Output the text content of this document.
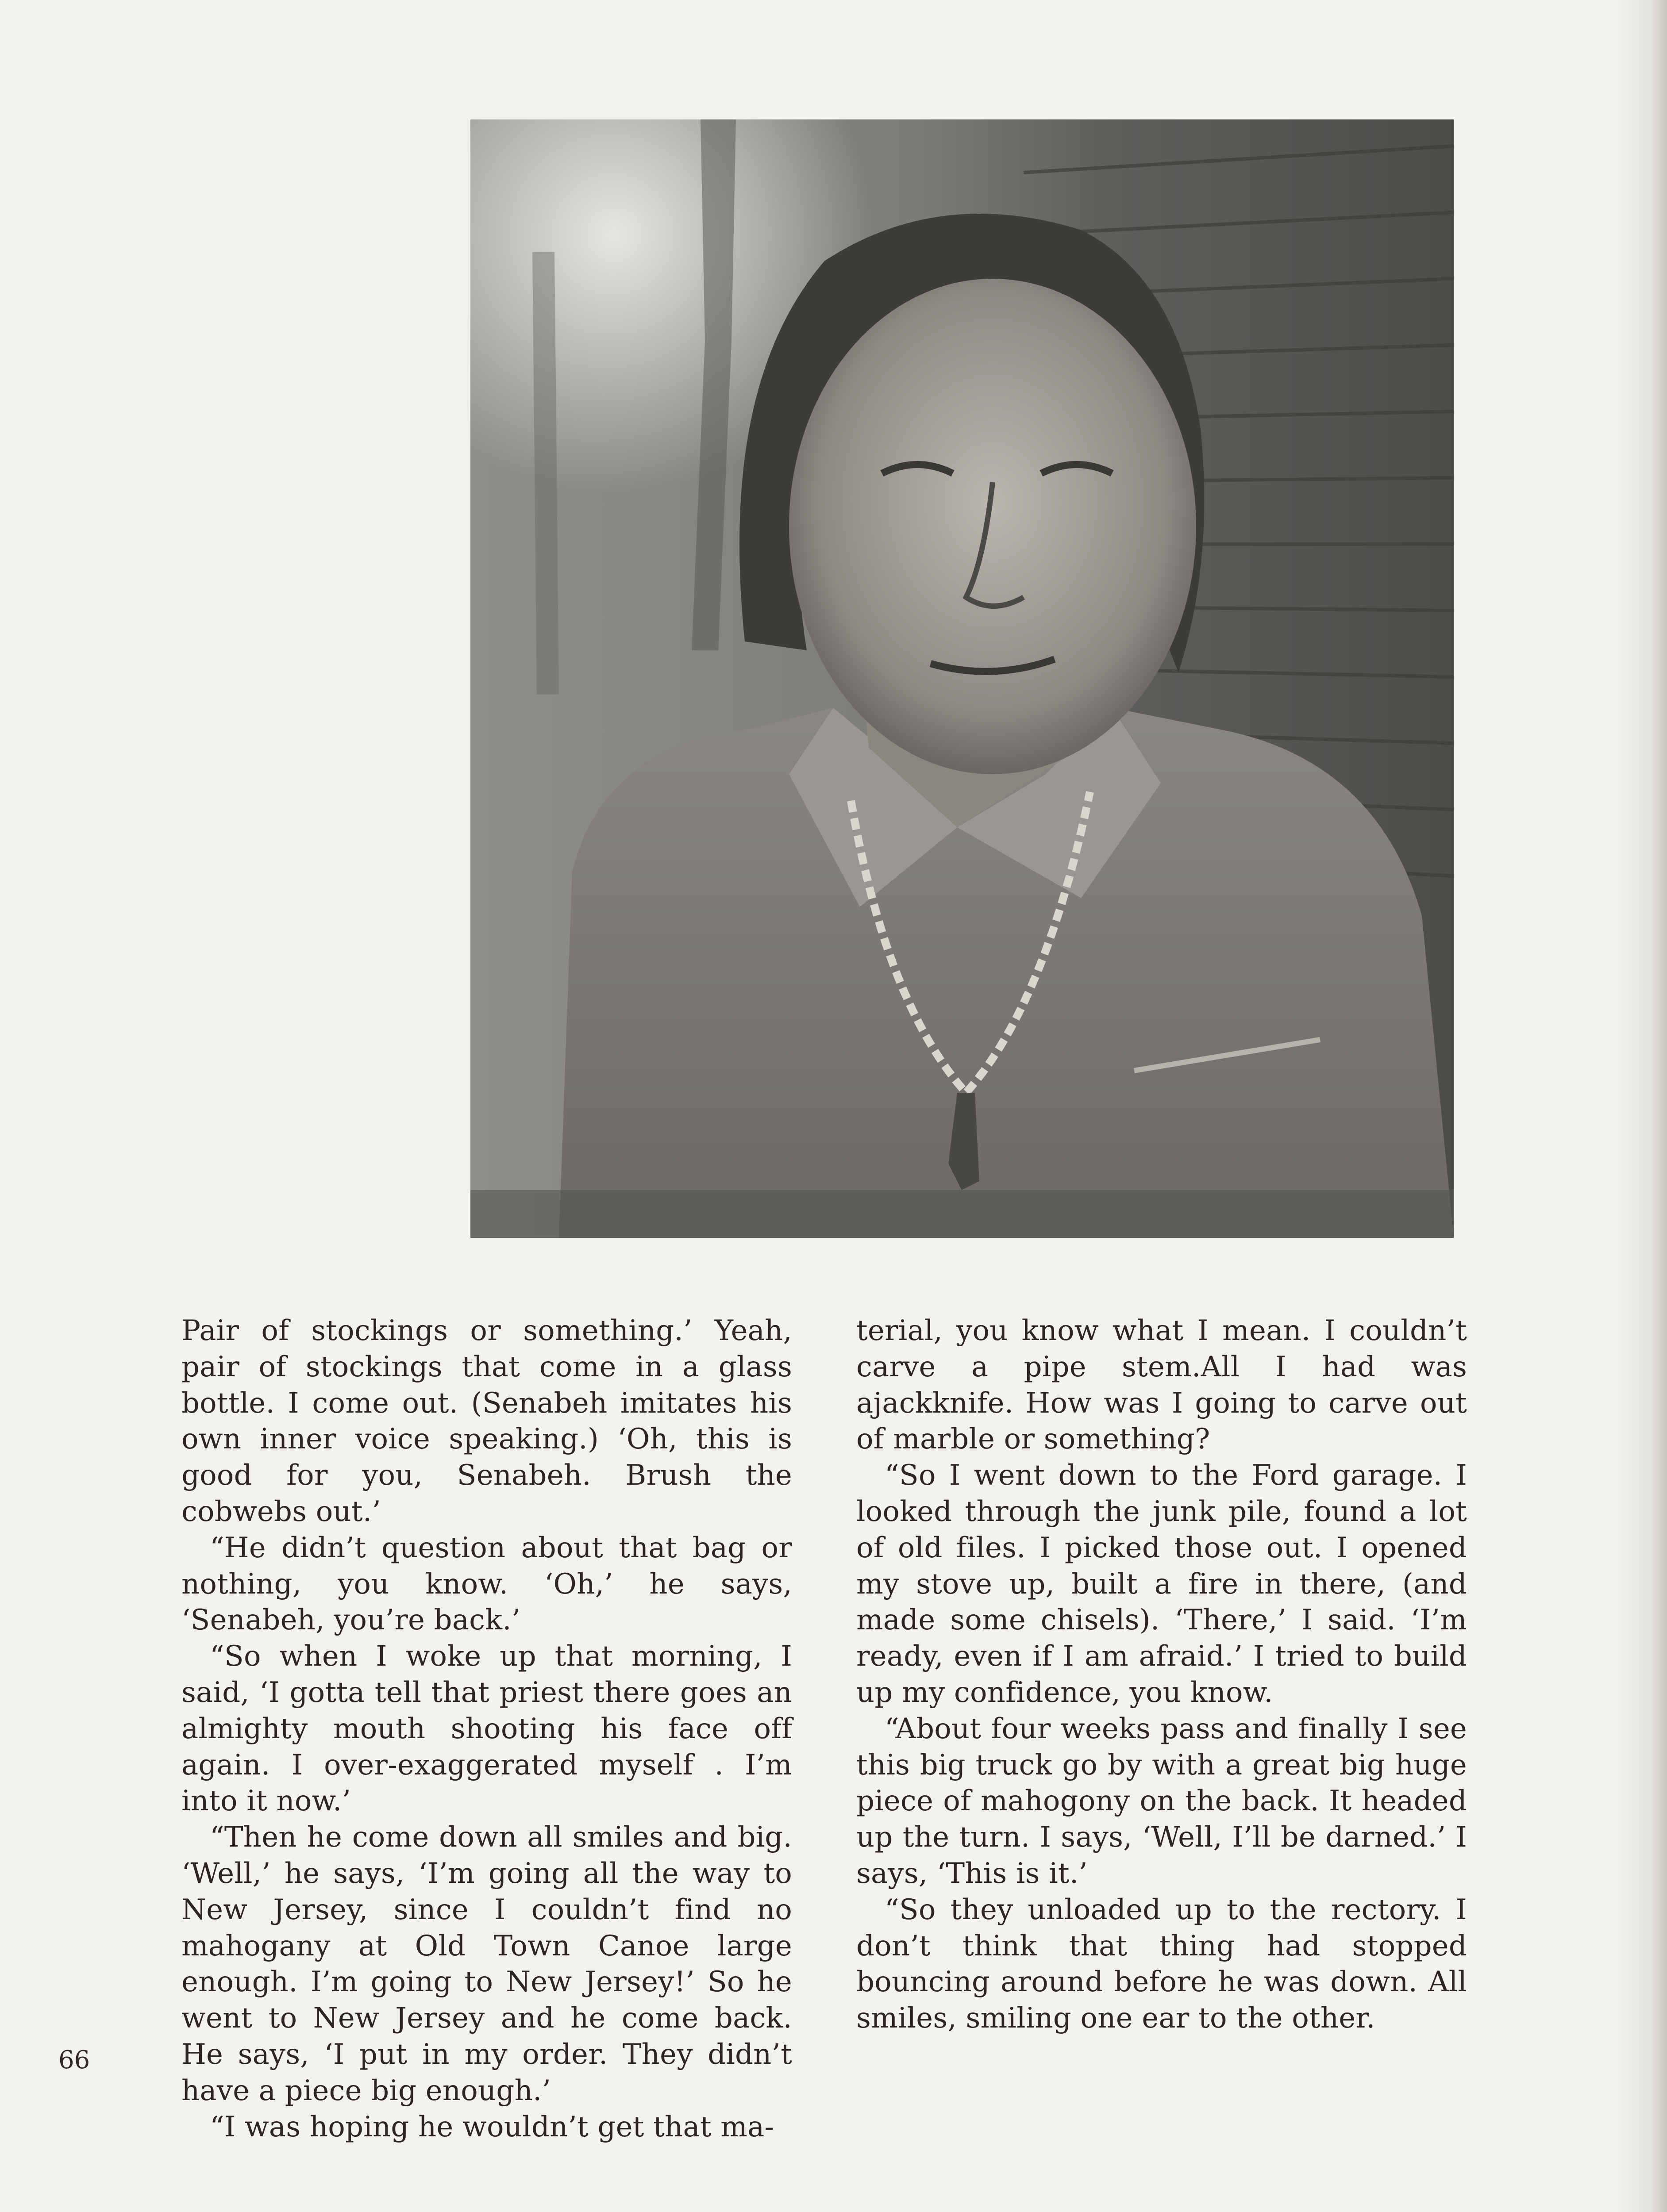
Pair of stockings or something.’ Yeah, pair of stockings that come in a glass bottle. I come out. (Senabeh imitates his own inner voice speaking.) ‘Oh, this is good for you, Senabeh. Brush the cobwebs out.’

“He didn’t question about that bag or nothing, you know. ‘Oh,’ he says, ‘Senabeh, you’re back.’

“So when I woke up that morning, I said, ‘I gotta tell that priest there goes an almighty mouth shooting his face off again. I over-exaggerated myself . I’m into it now.’

“Then he come down all smiles and big. ‘Well,’ he says, ‘I’m going all the way to New Jersey, since I couldn’t find no mahogany at Old Town Canoe large enough. I’m going to New Jersey!’ So he went to New Jersey and he come back. He says, ‘I put in my order. They didn’t have a piece big enough.’

“I was hoping he wouldn’t get that ma-

terial, you know what I mean. I couldn’t carve a pipe stem.All I had was ajackknife. How was I going to carve out of marble or something?

“So I went down to the Ford garage. I looked through the junk pile, found a lot of old files. I picked those out. I opened my stove up, built a fire in there, (and made some chisels). ‘There,’ I said. ‘I’m ready, even if I am afraid.’ I tried to build up my confidence, you know.

“About four weeks pass and finally I see this big truck go by with a great big huge piece of mahogony on the back. It headed up the turn. I says, ‘Well, I’ll be darned.’ I says, ‘This is it.’

“So they unloaded up to the rectory. I don’t think that thing had stopped bouncing around before he was down. All smiles, smiling one ear to the other.

66
